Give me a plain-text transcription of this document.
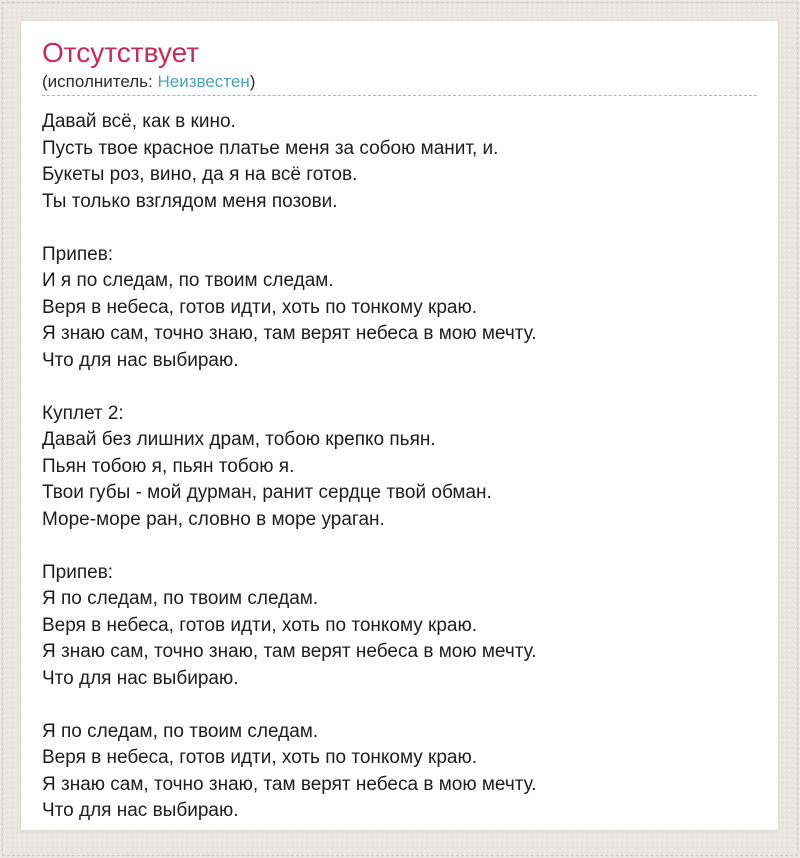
Отсутствует
(исполнитель: Неизвестен)
Давай всё, как в кино.
Пусть твое красное платье меня за собою манит, и.
Букеты роз, вино, да я на всё готов.
Ты только взглядом меня позови.
Припев:
И я по следам, по твоим следам.
Веря в небеса, готов идти, хоть по тонкому краю.
Я знаю сам, точно знаю, там верят небеса в мою мечту.
Что для нас выбираю.
Куплет 2:
Давай без лишних драм, тобою крепко пьян.
Пьян тобою я, пьян тобою я.
Твои губы - мой дурман, ранит сердце твой обман.
Море-море ран, словно в море ураган.
Припев:
Я по следам, по твоим следам.
Веря в небеса, готов идти, хоть по тонкому краю.
Я знаю сам, точно знаю, там верят небеса в мою мечту.
Что для нас выбираю.
Я по следам, по твоим следам.
Веря в небеса, готов идти, хоть по тонкому краю.
Я знаю сам, точно знаю, там верят небеса в мою мечту.
Что для нас выбираю.
